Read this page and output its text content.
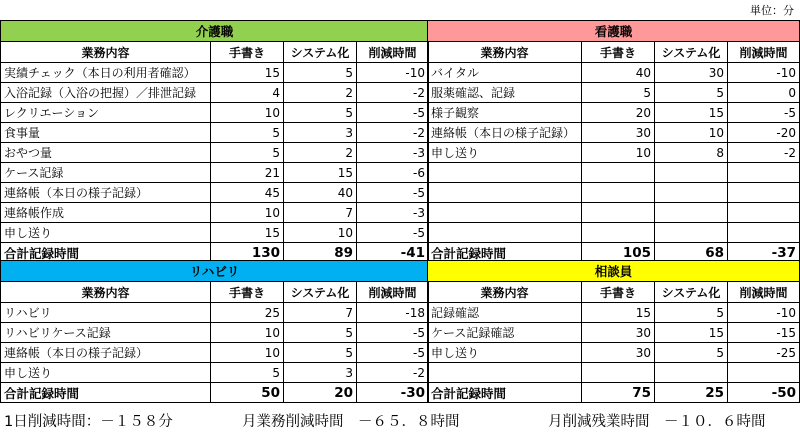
単位：分
介護職			
業務内容	手書き	システム化	削減時間
実績チェック（本日の利用者確認）	15	5	-10
入浴記録（入浴の把握）／排泄記録	4	2	-2
レクリエーション	10	5	-5
食事量	5	3	-2
おやつ量	5	2	-3
ケース記録	21	15	-6
連絡帳（本日の様子記録）	45	40	-5
連絡帳作成	10	7	-3
申し送り	15	10	-5
合計記録時間	130	89	-41
看護職			
業務内容	手書き	システム化	削減時間
バイタル	40	30	-10
服薬確認、記録	5	5	0
様子観察	20	15	-5
連絡帳（本日の様子記録）	30	10	-20
申し送り	10	8	-2

合計記録時間	105	68	-37
リハビリ			
業務内容	手書き	システム化	削減時間
リハビリ	25	7	-18
リハビリケース記録	10	5	-5
連絡帳（本日の様子記録）	10	5	-5
申し送り	5	3	-2
合計記録時間	50	20	-30
相談員			
業務内容	手書き	システム化	削減時間
記録確認	15	5	-10
ケース記録確認	30	15	-15
申し送り	30	5	-25

合計記録時間	75	25	-50
1日削減時間：－１５８分	月業務削減時間　－６５．８時間	月削減残業時間　－１０．６時間
